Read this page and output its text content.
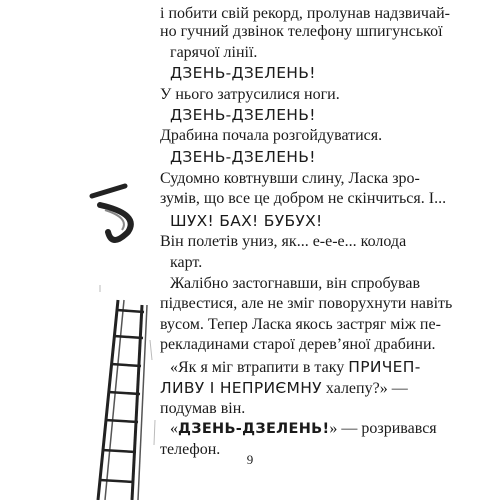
і побити свій рекорд, пролунав надзвичай-
но гучний дзвінок телефону шпигунської
гарячої лінії.
ДЗЕНЬ-ДЗЕЛЕНЬ!
У нього затрусилися ноги.
ДЗЕНЬ-ДЗЕЛЕНЬ!
Драбина почала розгойдуватися.
ДЗЕНЬ-ДЗЕЛЕНЬ!
Судомно ковтнувши слину, Ласка зро-
зумів, що все це добром не скінчиться. І...
ШУХ! БАХ! БУБУХ!
Він полетів униз, як... е-е-е... колода
карт.
Жалібно застогнавши, він спробував
підвестися, але не зміг поворухнути навіть
вусом. Тепер Ласка якось застряг між пе-
рекладинами старої дерев’яної драбини.
«Як я міг втрапити в таку ПРИЧЕП-
ЛИВУ І НЕПРИЄМНУ халепу?» —
подумав він.
«ДЗЕНЬ-ДЗЕЛЕНЬ!» — розривався
телефон.
9
